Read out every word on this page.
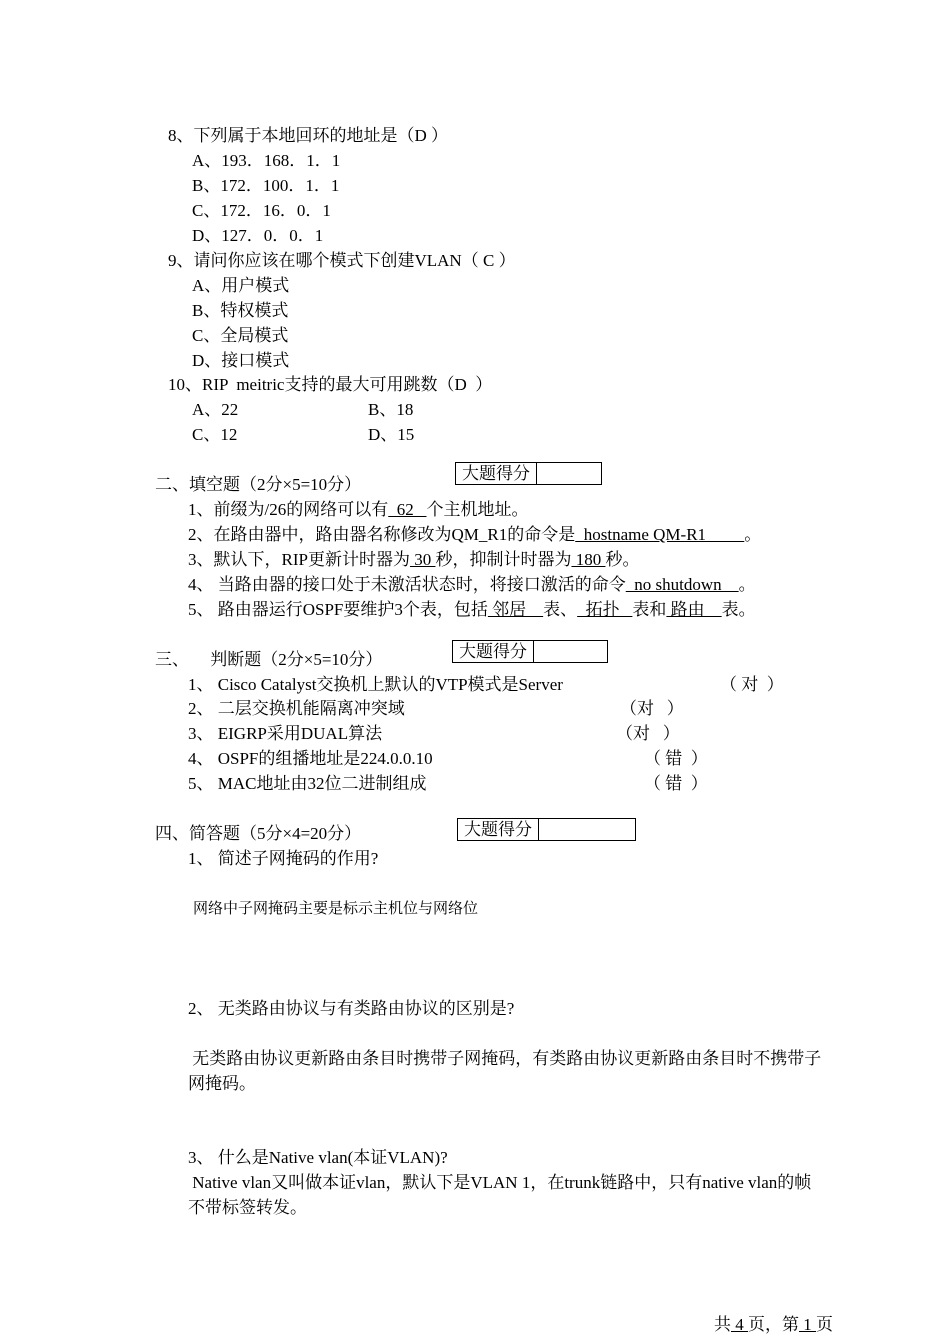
8、下列属于本地回环的地址是（D ）
A、193．168．1．1
B、172．100．1．1
C、172．16．0．1
D、127．0．0．1
9、请问你应该在哪个模式下创建VLAN（ C ）
A、用户模式
B、特权模式
C、全局模式
D、接口模式
10、RIP  meitric支持的最大可用跳数（D  ）
A、22	B、18
C、12	D、15
大题得分
二、填空题（2分×5=10分）
1、前缀为/26的网络可以有  62   个主机地址。
2、在路由器中，路由器名称修改为QM_R1的命令是  hostname QM-R1         。
3、默认下，RIP更新计时器为 30 秒，抑制计时器为 180 秒。
4、 当路由器的接口处于未激活状态时，将接口激活的命令  no shutdown    。
5、 路由器运行OSPF要维护3个表，包括 邻居    表、  拓扑   表和 路由    表。
大题得分
三、     判断题（2分×5=10分）
1、 Cisco Catalyst交换机上默认的VTP模式是Server	（ 对  ）
2、 二层交换机能隔离冲突域	（对   ）
3、 EIGRP采用DUAL算法	（对   ）
4、 OSPF的组播地址是224.0.0.10	（ 错  ）
5、 MAC地址由32位二进制组成	（ 错  ）
大题得分
四、简答题（5分×4=20分）
1、 简述子网掩码的作用?
网络中子网掩码主要是标示主机位与网络位
2、 无类路由协议与有类路由协议的区别是?
无类路由协议更新路由条目时携带子网掩码，有类路由协议更新路由条目时不携带子
网掩码。
3、 什么是Native vlan(本证VLAN)?
Native vlan又叫做本证vlan，默认下是VLAN 1，在trunk链路中，只有native vlan的帧
不带标签转发。
共 4 页，第 1 页
